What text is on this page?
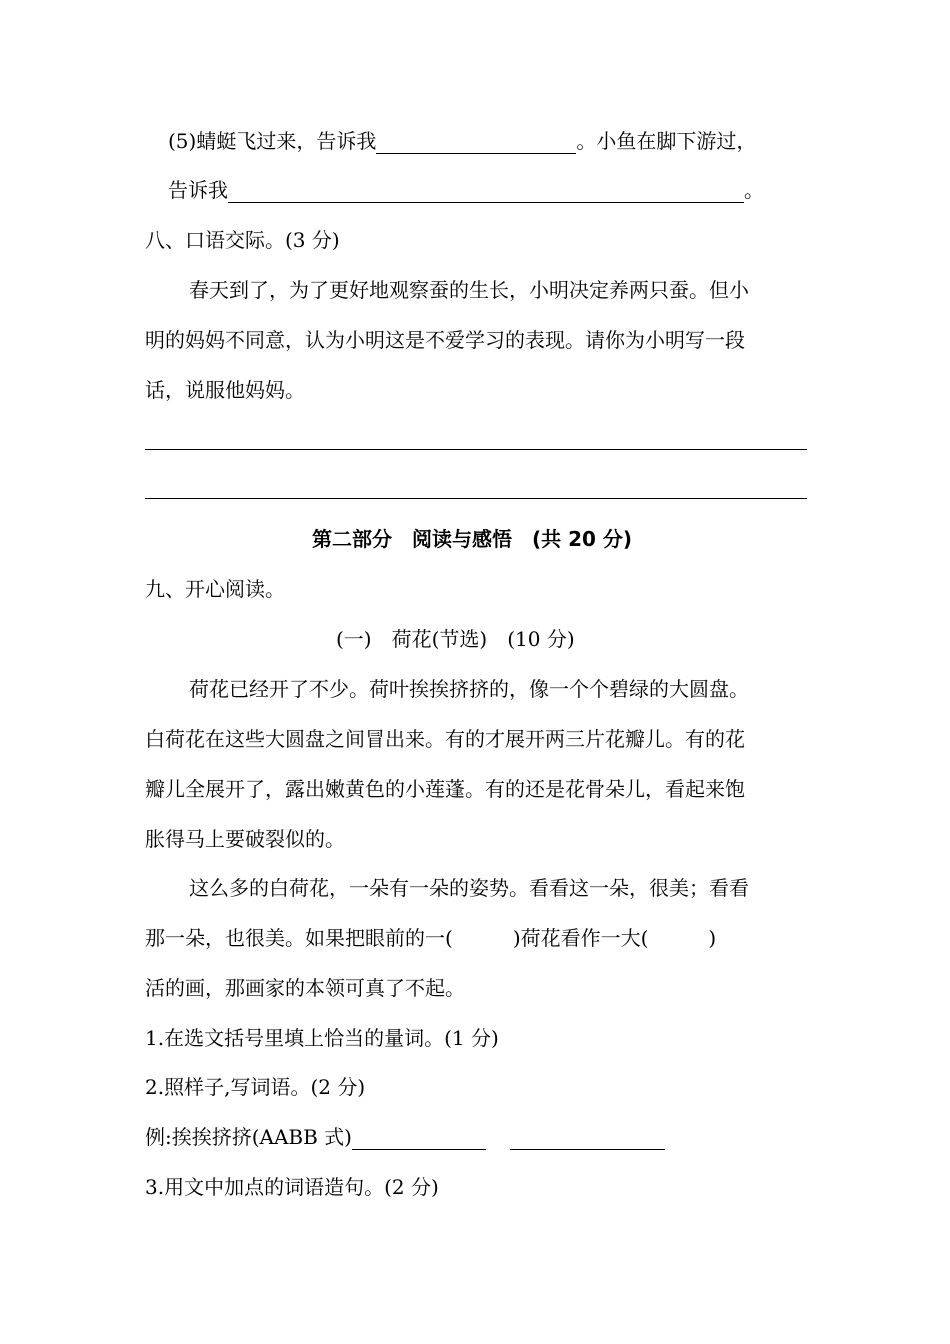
(5)蜻蜓飞过来，告诉我	。小鱼在脚下游过，
告诉我	。
八、口语交际。(3 分)
春天到了，为了更好地观察蚕的生长，小明决定养两只蚕。但小
明的妈妈不同意，认为小明这是不爱学习的表现。请你为小明写一段
话，说服他妈妈。
第二部分　阅读与感悟　(共 20 分)
九、开心阅读。
(一)　荷花(节选)　(10 分)
荷花已经开了不少。荷叶挨挨挤挤的，像一个个碧绿的大圆盘。
白荷花在这些大圆盘之间冒出来。有的才展开两三片花瓣儿。有的花
瓣儿全展开了，露出嫩黄色的小莲蓬。有的还是花骨朵儿，看起来饱
胀得马上要破裂似的。
这么多的白荷花，一朵有一朵的姿势。看看这一朵，很美；看看
那一朵，也很美。如果把眼前的一(	)荷花看作一大(	)
活的画，那画家的本领可真了不起。
1.在选文括号里填上恰当的量词。(1 分)
2.照样子,写词语。(2 分)
例:挨挨挤挤(AABB 式)
3.用文中加点的词语造句。(2 分)
